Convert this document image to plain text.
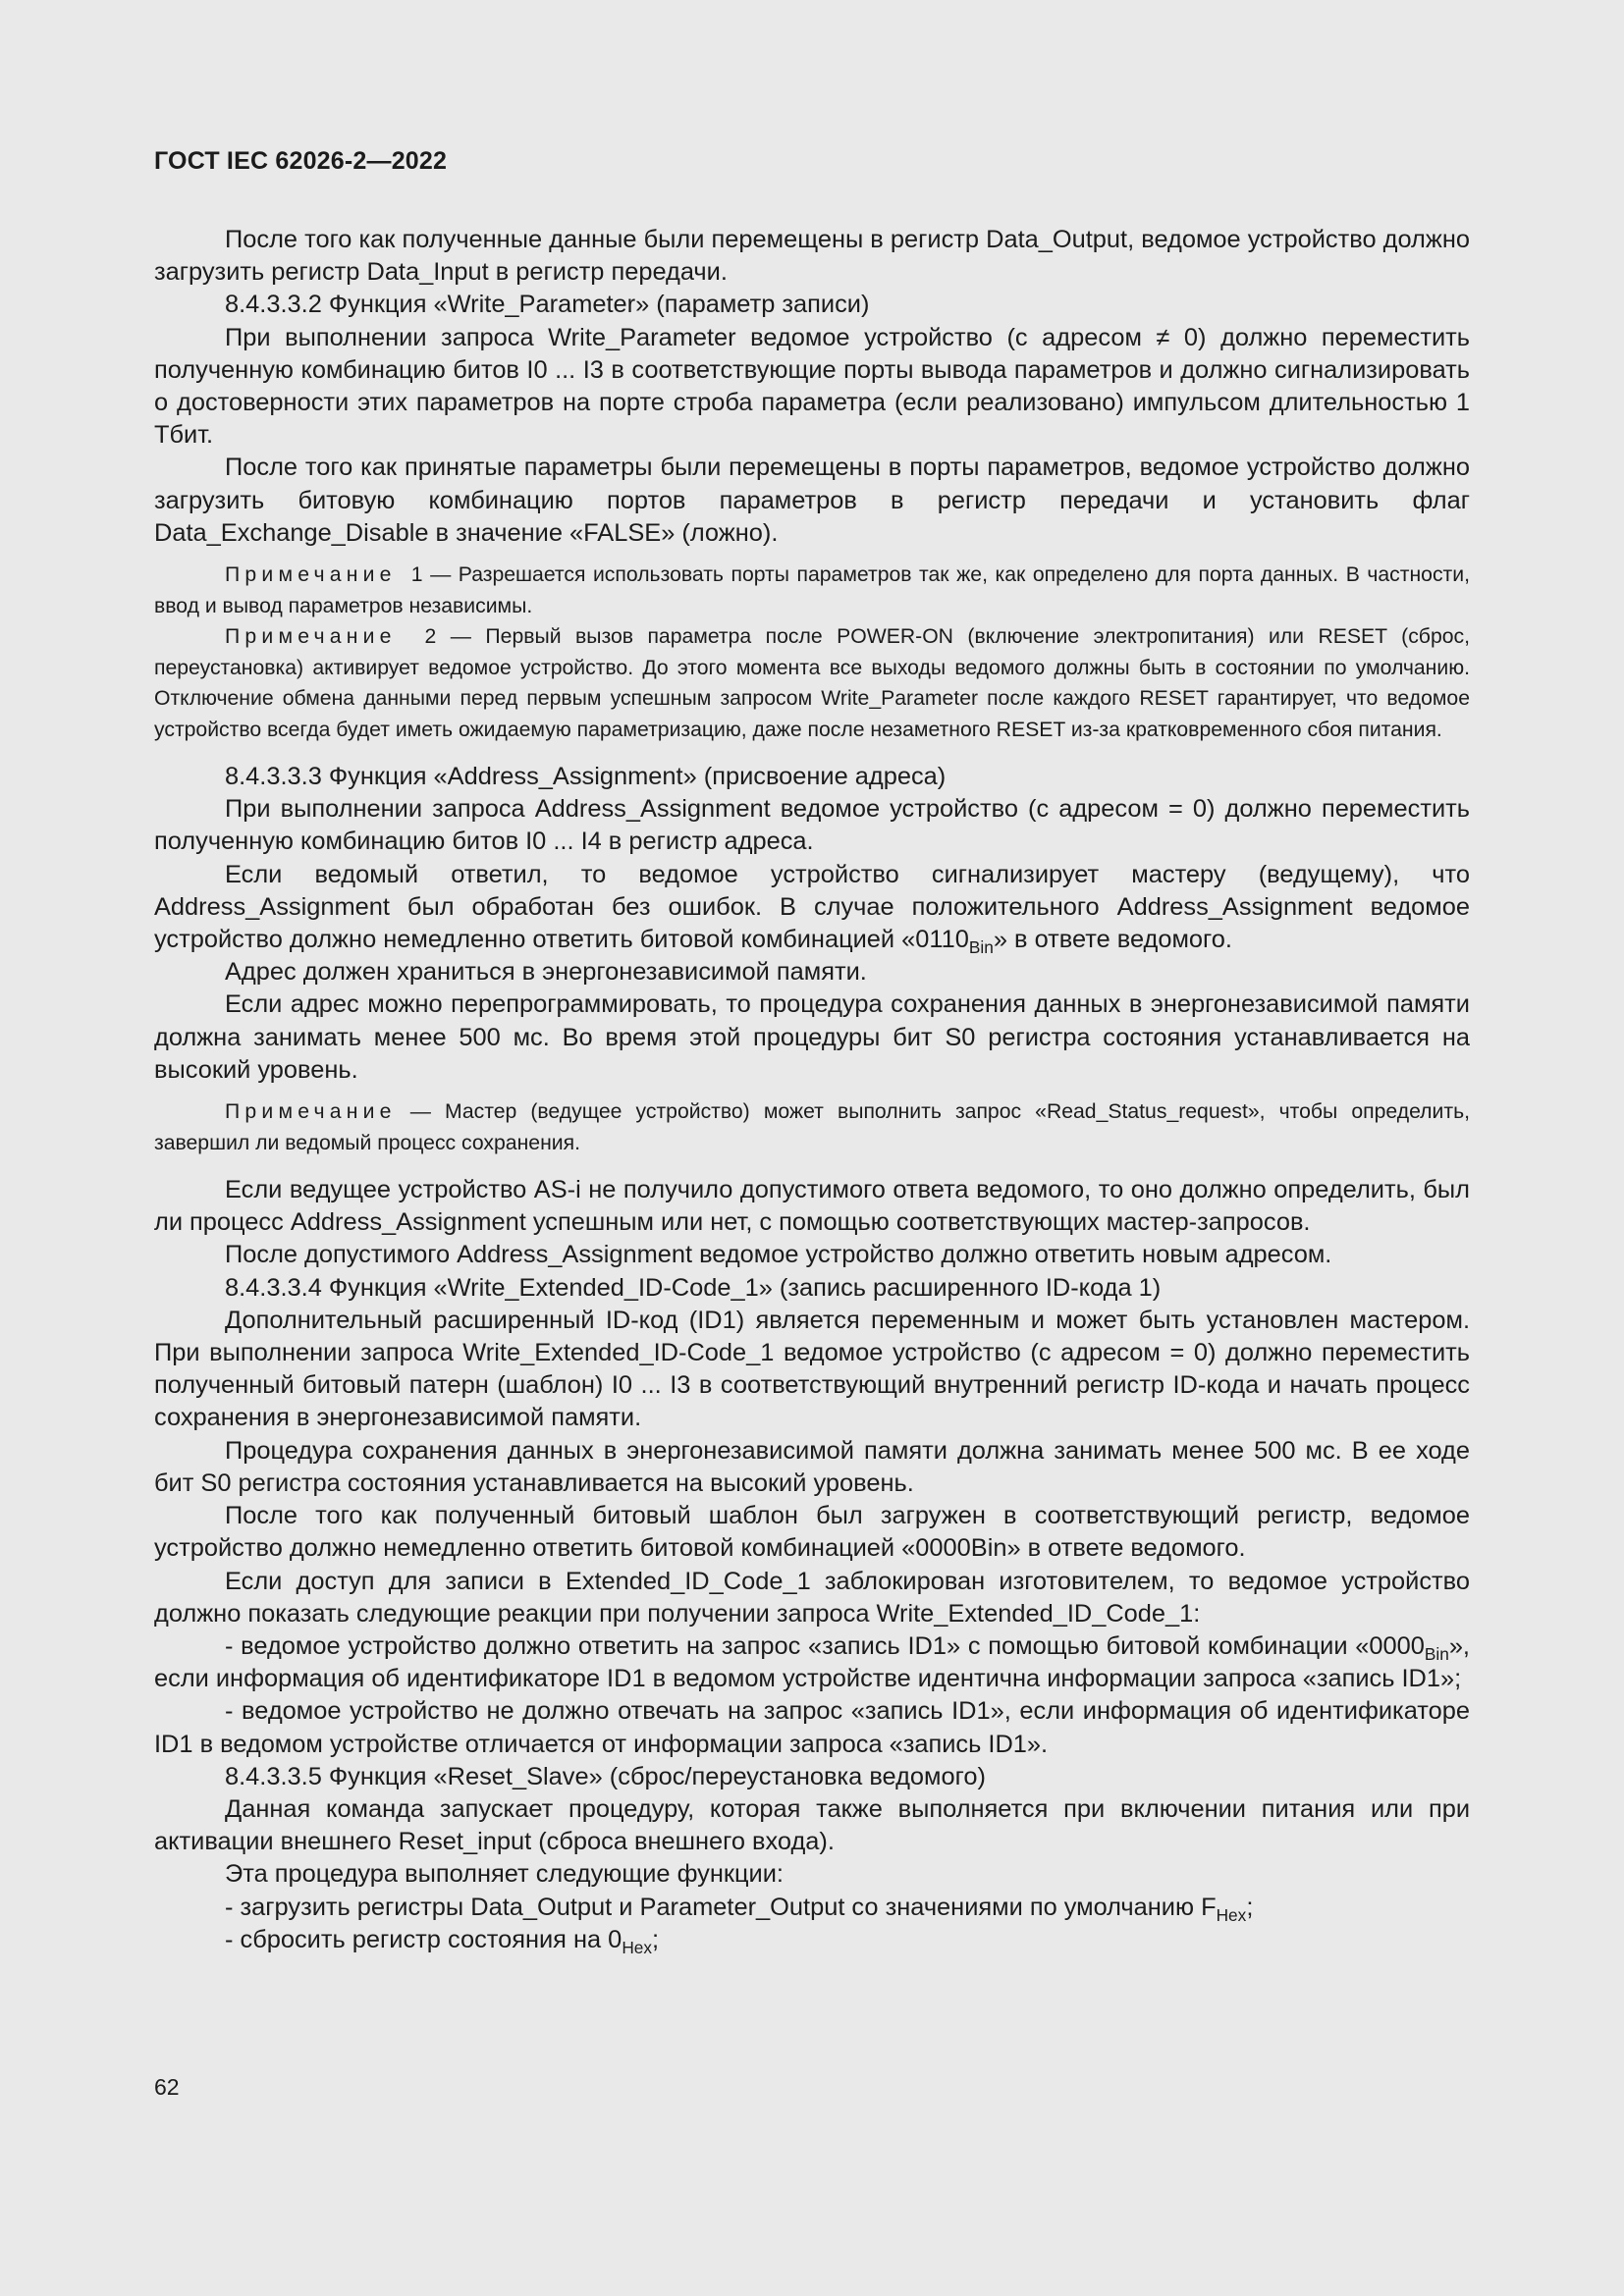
ГОСТ IEC 62026-2—2022

После того как полученные данные были перемещены в регистр Data_Output, ведомое устройство должно загрузить регистр Data_Input в регистр передачи.

8.4.3.3.2 Функция «Write_Parameter» (параметр записи)

При выполнении запроса Write_Parameter ведомое устройство (с адресом ≠ 0) должно переместить полученную комбинацию битов I0 ... I3 в соответствующие порты вывода параметров и должно сигнализировать о достоверности этих параметров на порте строба параметра (если реализовано) импульсом длительностью 1 Тбит.

После того как принятые параметры были перемещены в порты параметров, ведомое устройство должно загрузить битовую комбинацию портов параметров в регистр передачи и установить флаг Data_Exchange_Disable в значение «FALSE» (ложно).

Примечание 1 — Разрешается использовать порты параметров так же, как определено для порта данных. В частности, ввод и вывод параметров независимы.

Примечание 2 — Первый вызов параметра после POWER-ON (включение электропитания) или RESET (сброс, переустановка) активирует ведомое устройство. До этого момента все выходы ведомого должны быть в состоянии по умолчанию. Отключение обмена данными перед первым успешным запросом Write_Parameter после каждого RESET гарантирует, что ведомое устройство всегда будет иметь ожидаемую параметризацию, даже после незаметного RESET из-за кратковременного сбоя питания.

8.4.3.3.3 Функция «Address_Assignment» (присвоение адреса)

При выполнении запроса Address_Assignment ведомое устройство (с адресом = 0) должно переместить полученную комбинацию битов I0 ... I4 в регистр адреса.

Если ведомый ответил, то ведомое устройство сигнализирует мастеру (ведущему), что Address_Assignment был обработан без ошибок. В случае положительного Address_Assignment ведомое устройство должно немедленно ответить битовой комбинацией «$0110_{Bin}$» в ответе ведомого.

Адрес должен храниться в энергонезависимой памяти.

Если адрес можно перепрограммировать, то процедура сохранения данных в энергонезависимой памяти должна занимать менее 500 мс. Во время этой процедуры бит S0 регистра состояния устанавливается на высокий уровень.

Примечание — Мастер (ведущее устройство) может выполнить запрос «Read_Status_request», чтобы определить, завершил ли ведомый процесс сохранения.

Если ведущее устройство AS-i не получило допустимого ответа ведомого, то оно должно определить, был ли процесс Address_Assignment успешным или нет, с помощью соответствующих мастер-запросов.

После допустимого Address_Assignment ведомое устройство должно ответить новым адресом.

8.4.3.3.4 Функция «Write_Extended_ID-Code_1» (запись расширенного ID-кода 1)

Дополнительный расширенный ID-код (ID1) является переменным и может быть установлен мастером. При выполнении запроса Write_Extended_ID-Code_1 ведомое устройство (с адресом = 0) должно переместить полученный битовый патерн (шаблон) I0 ... I3 в соответствующий внутренний регистр ID-кода и начать процесс сохранения в энергонезависимой памяти.

Процедура сохранения данных в энергонезависимой памяти должна занимать менее 500 мс. В ее ходе бит S0 регистра состояния устанавливается на высокий уровень.

После того как полученный битовый шаблон был загружен в соответствующий регистр, ведомое устройство должно немедленно ответить битовой комбинацией «0000Bin» в ответе ведомого.

Если доступ для записи в Extended_ID_Code_1 заблокирован изготовителем, то ведомое устройство должно показать следующие реакции при получении запроса Write_Extended_ID_Code_1:

- ведомое устройство должно ответить на запрос «запись ID1» с помощью битовой комбинации «$0000_{Bin}$», если информация об идентификаторе ID1 в ведомом устройстве идентична информации запроса «запись ID1»;

- ведомое устройство не должно отвечать на запрос «запись ID1», если информация об идентификаторе ID1 в ведомом устройстве отличается от информации запроса «запись ID1».

8.4.3.3.5 Функция «Reset_Slave» (сброс/переустановка ведомого)

Данная команда запускает процедуру, которая также выполняется при включении питания или при активации внешнего Reset_input (сброса внешнего входа).

Эта процедура выполняет следующие функции:

- загрузить регистры Data_Output и Parameter_Output со значениями по умолчанию $F_{Hex}$;

- сбросить регистр состояния на $0_{Hex}$;

62
